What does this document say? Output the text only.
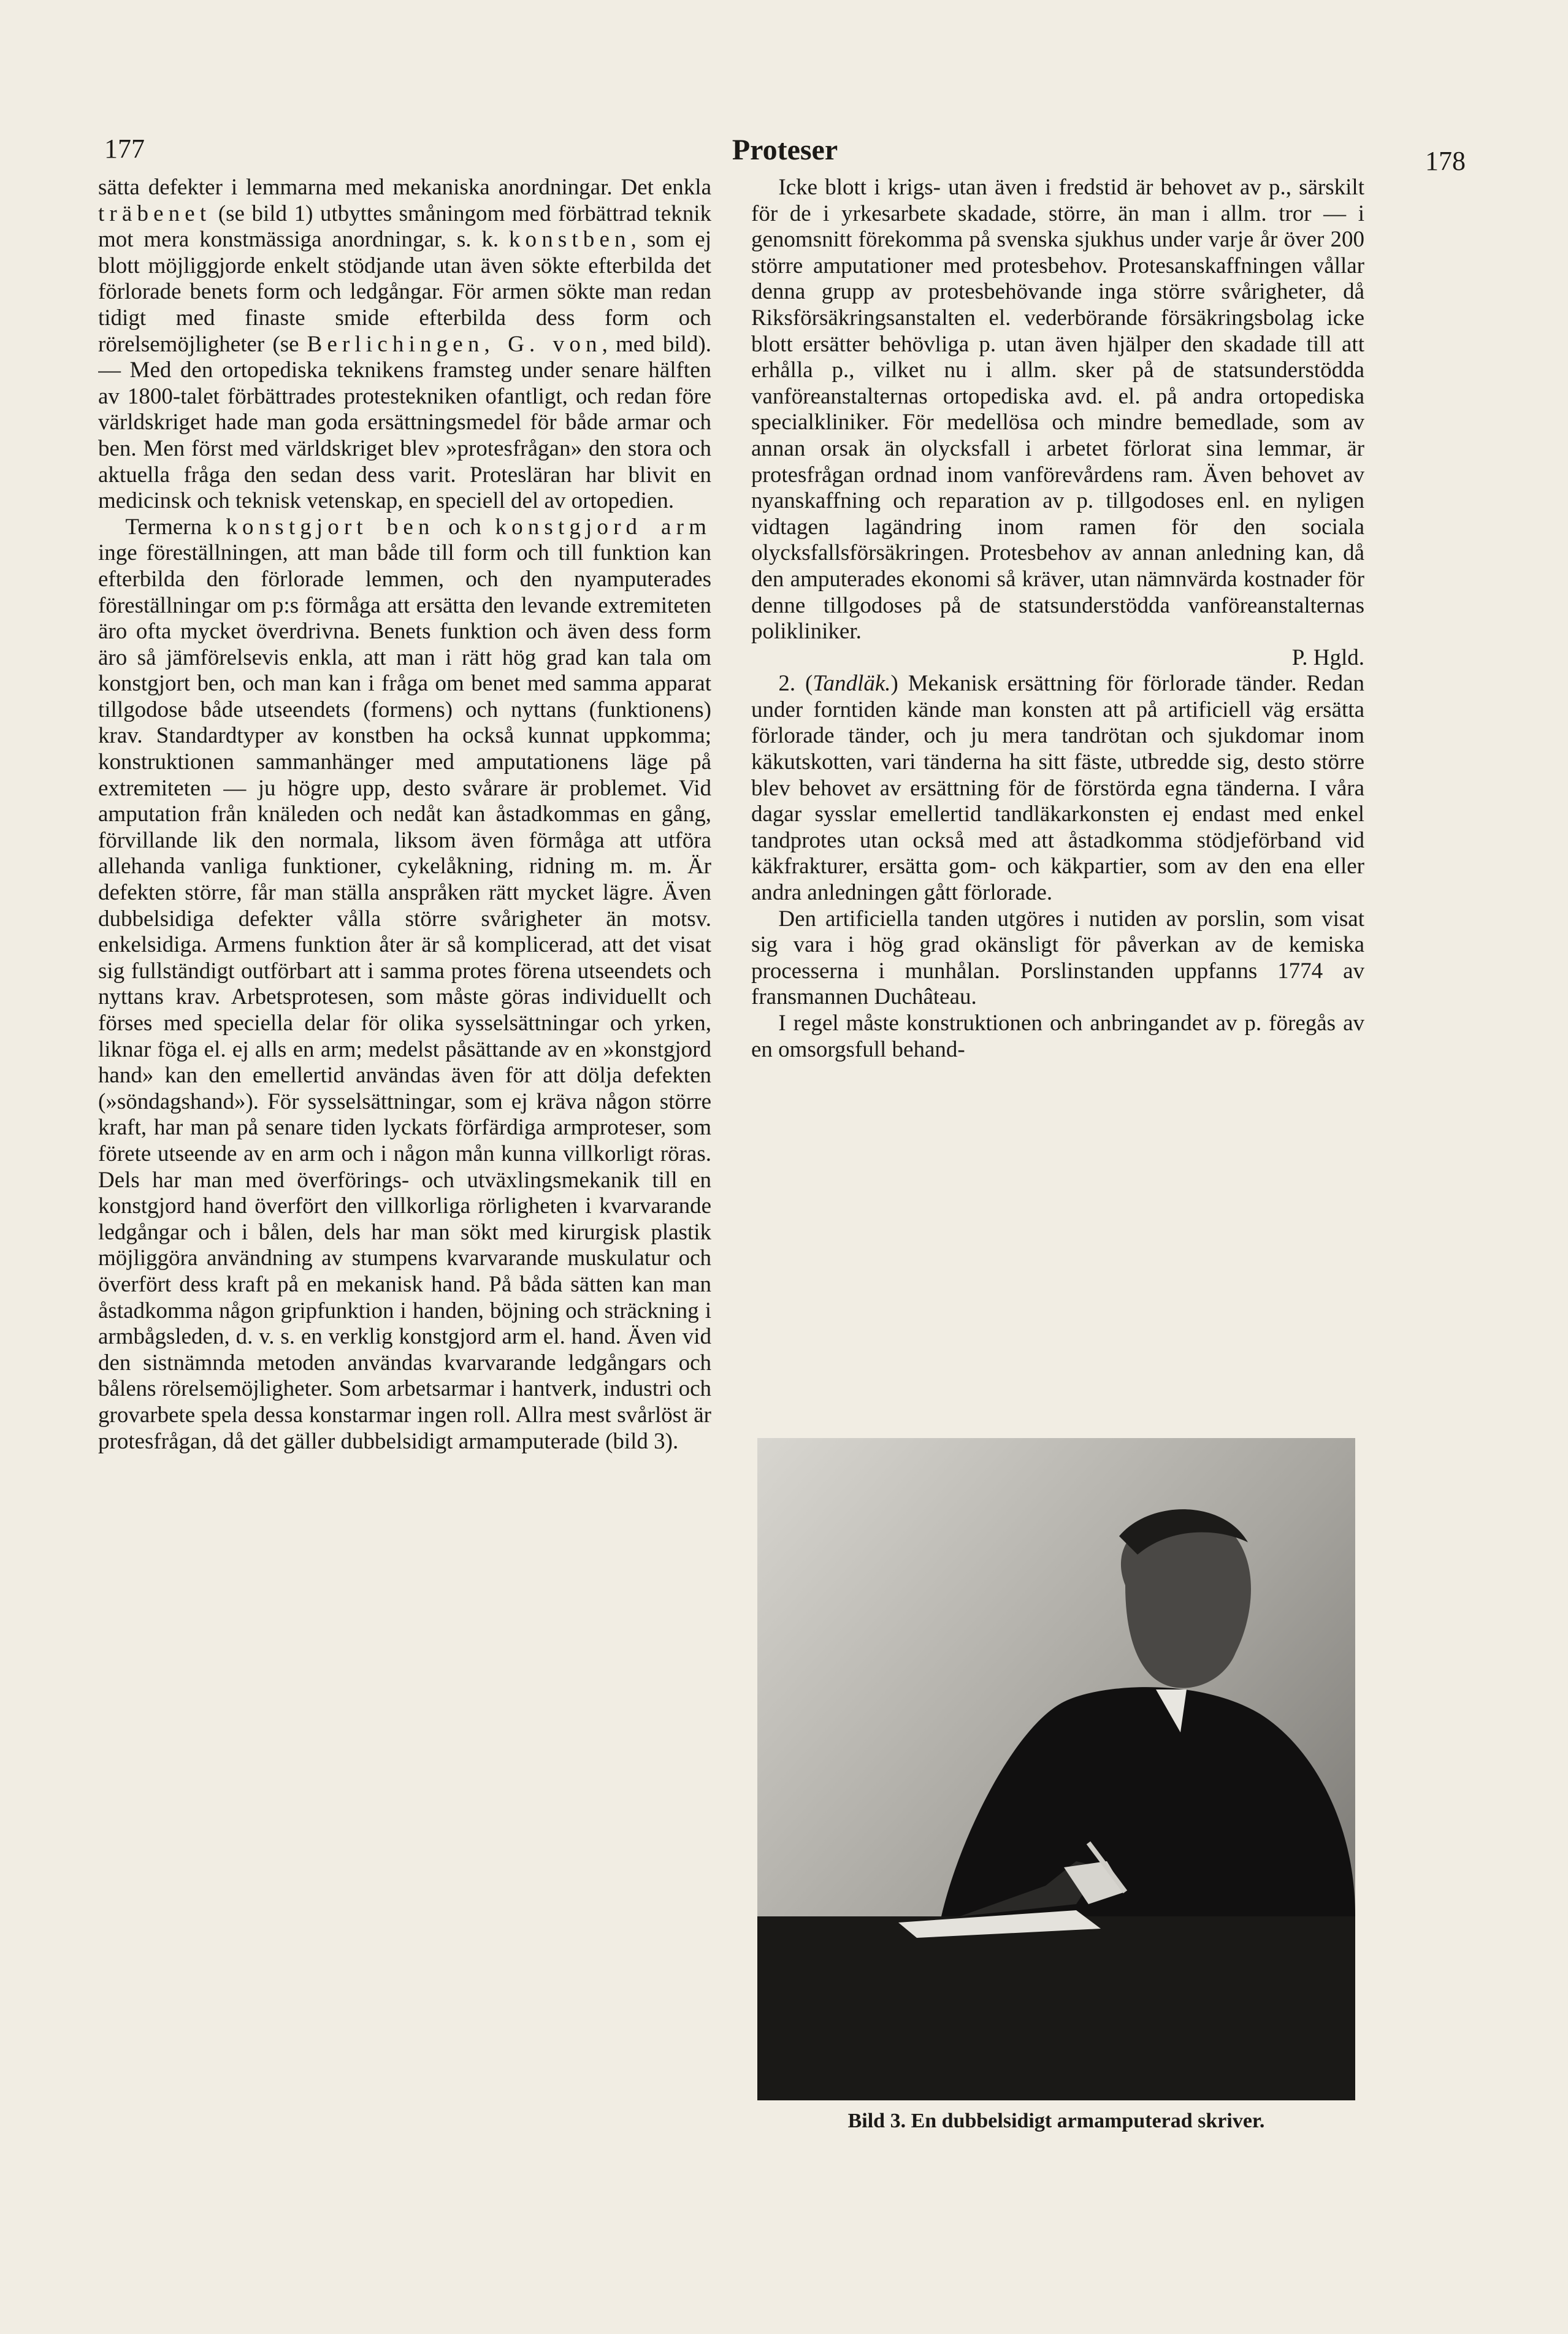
177	Proteser	178

sätta defekter i lemmarna med mekaniska anordningar. Det enkla träbenet (se bild 1) utbyttes småningom med förbättrad teknik mot mera konstmässiga anordningar, s. k. konstben, som ej blott möjliggjorde enkelt stödjande utan även sökte efterbilda det förlorade benets form och ledgångar. För armen sökte man redan tidigt med finaste smide efterbilda dess form och rörelsemöjligheter (se Berlichingen, G. von, med bild). — Med den ortopediska teknikens framsteg under senare hälften av 1800-talet förbättrades protestekniken ofantligt, och redan före världskriget hade man goda ersättningsmedel för både armar och ben. Men först med världskriget blev »protesfrågan» den stora och aktuella fråga den sedan dess varit. Protesläran har blivit en medicinsk och teknisk vetenskap, en speciell del av ortopedien.

Termerna konstgjort ben och konstgjord arm inge föreställningen, att man både till form och till funktion kan efterbilda den förlorade lemmen, och den nyamputerades föreställningar om p:s förmåga att ersätta den levande extremiteten äro ofta mycket överdrivna. Benets funktion och även dess form äro så jämförelsevis enkla, att man i rätt hög grad kan tala om konstgjort ben, och man kan i fråga om benet med samma apparat tillgodose både utseendets (formens) och nyttans (funktionens) krav. Standardtyper av konstben ha också kunnat uppkomma; konstruktionen sammanhänger med amputationens läge på extremiteten — ju högre upp, desto svårare är problemet. Vid amputation från knäleden och nedåt kan åstadkommas en gång, förvillande lik den normala, liksom även förmåga att utföra allehanda vanliga funktioner, cykelåkning, ridning m. m. Är defekten större, får man ställa anspråken rätt mycket lägre. Även dubbelsidiga defekter vålla större svårigheter än motsv. enkelsidiga. Armens funktion åter är så komplicerad, att det visat sig fullständigt outförbart att i samma protes förena utseendets och nyttans krav. Arbetsprotesen, som måste göras individuellt och förses med speciella delar för olika sysselsättningar och yrken, liknar föga el. ej alls en arm; medelst påsättande av en »konstgjord hand» kan den emellertid användas även för att dölja defekten (»söndagshand»). För sysselsättningar, som ej kräva någon större kraft, har man på senare tiden lyckats förfärdiga armproteser, som förete utseende av en arm och i någon mån kunna villkorligt röras. Dels har man med överförings- och utväxlingsmekanik till en konstgjord hand överfört den villkorliga rörligheten i kvarvarande ledgångar och i bålen, dels har man sökt med kirurgisk plastik möjliggöra användning av stumpens kvarvarande muskulatur och överfört dess kraft på en mekanisk hand. På båda sätten kan man åstadkomma någon gripfunktion i handen, böjning och sträckning i armbågsleden, d. v. s. en verklig konstgjord arm el. hand. Även vid den sistnämnda metoden användas kvarvarande ledgångars och bålens rörelsemöjligheter. Som arbetsarmar i hantverk, industri och grovarbete spela dessa konstarmar ingen roll. Allra mest svårlöst är protesfrågan, då det gäller dubbelsidigt armamputerade (bild 3).

Icke blott i krigs- utan även i fredstid är behovet av p., särskilt för de i yrkesarbete skadade, större, än man i allm. tror — i genomsnitt förekomma på svenska sjukhus under varje år över 200 större amputationer med protesbehov. Protesanskaffningen vållar denna grupp av protesbehövande inga större svårigheter, då Riksförsäkringsanstalten el. vederbörande försäkringsbolag icke blott ersätter behövliga p. utan även hjälper den skadade till att erhålla p., vilket nu i allm. sker på de statsunderstödda vanföreanstalternas ortopediska avd. el. på andra ortopediska specialkliniker. För medellösa och mindre bemedlade, som av annan orsak än olycksfall i arbetet förlorat sina lemmar, är protesfrågan ordnad inom vanförevårdens ram. Även behovet av nyanskaffning och reparation av p. tillgodoses enl. en nyligen vidtagen lagändring inom ramen för den sociala olycksfallsförsäkringen. Protesbehov av annan anledning kan, då den amputerades ekonomi så kräver, utan nämnvärda kostnader för denne tillgodoses på de statsunderstödda vanföreanstalternas polikliniker.

P. Hgld.

2. (Tandläk.) Mekanisk ersättning för förlorade tänder. Redan under forntiden kände man konsten att på artificiell väg ersätta förlorade tänder, och ju mera tandrötan och sjukdomar inom käkutskotten, vari tänderna ha sitt fäste, utbredde sig, desto större blev behovet av ersättning för de förstörda egna tänderna. I våra dagar sysslar emellertid tandläkarkonsten ej endast med enkel tandprotes utan också med att åstadkomma stödjeförband vid käkfrakturer, ersätta gom- och käkpartier, som av den ena eller andra anledningen gått förlorade.

Den artificiella tanden utgöres i nutiden av porslin, som visat sig vara i hög grad okänsligt för påverkan av de kemiska processerna i munhålan. Porslinstanden uppfanns 1774 av fransmannen Duchâteau.

I regel måste konstruktionen och anbringandet av p. föregås av en omsorgsfull behand-

Bild 3. En dubbelsidigt armamputerad skriver.
